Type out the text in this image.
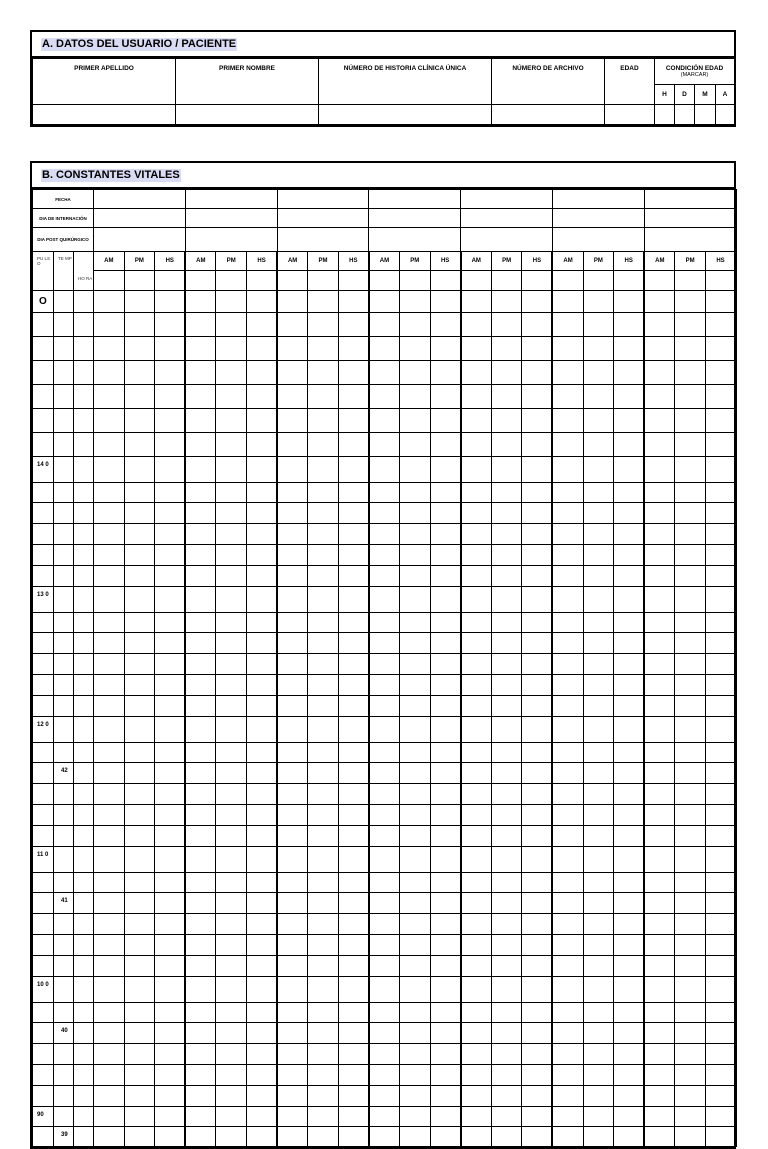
A. DATOS DEL USUARIO / PACIENTE
PRIMER APELLIDO	PRIMER NOMBRE	NÚMERO DE HISTORIA CLÍNICA ÚNICA	NÚMERO DE ARCHIVO	EDAD	CONDICIÓN EDAD
(MARCAR)			

					H	D	M	A

B. CONSTANTES VITALES
FECHA																							
DIA DE INTERNACIÓN																							
DIA POST QUIRÚRGICO																							
PU LS O	TE MP	HO RA	AM	PM	HS	AM	PM	HS	AM	PM	HS	AM	PM	HS	AM	PM	HS	AM	PM	HS	AM	PM	HS

O																							

14 0																							

13 0																							

12 0																							

	42																						

11 0																							

	41																						

10 0																							

	40																						

90																							
	39																						
